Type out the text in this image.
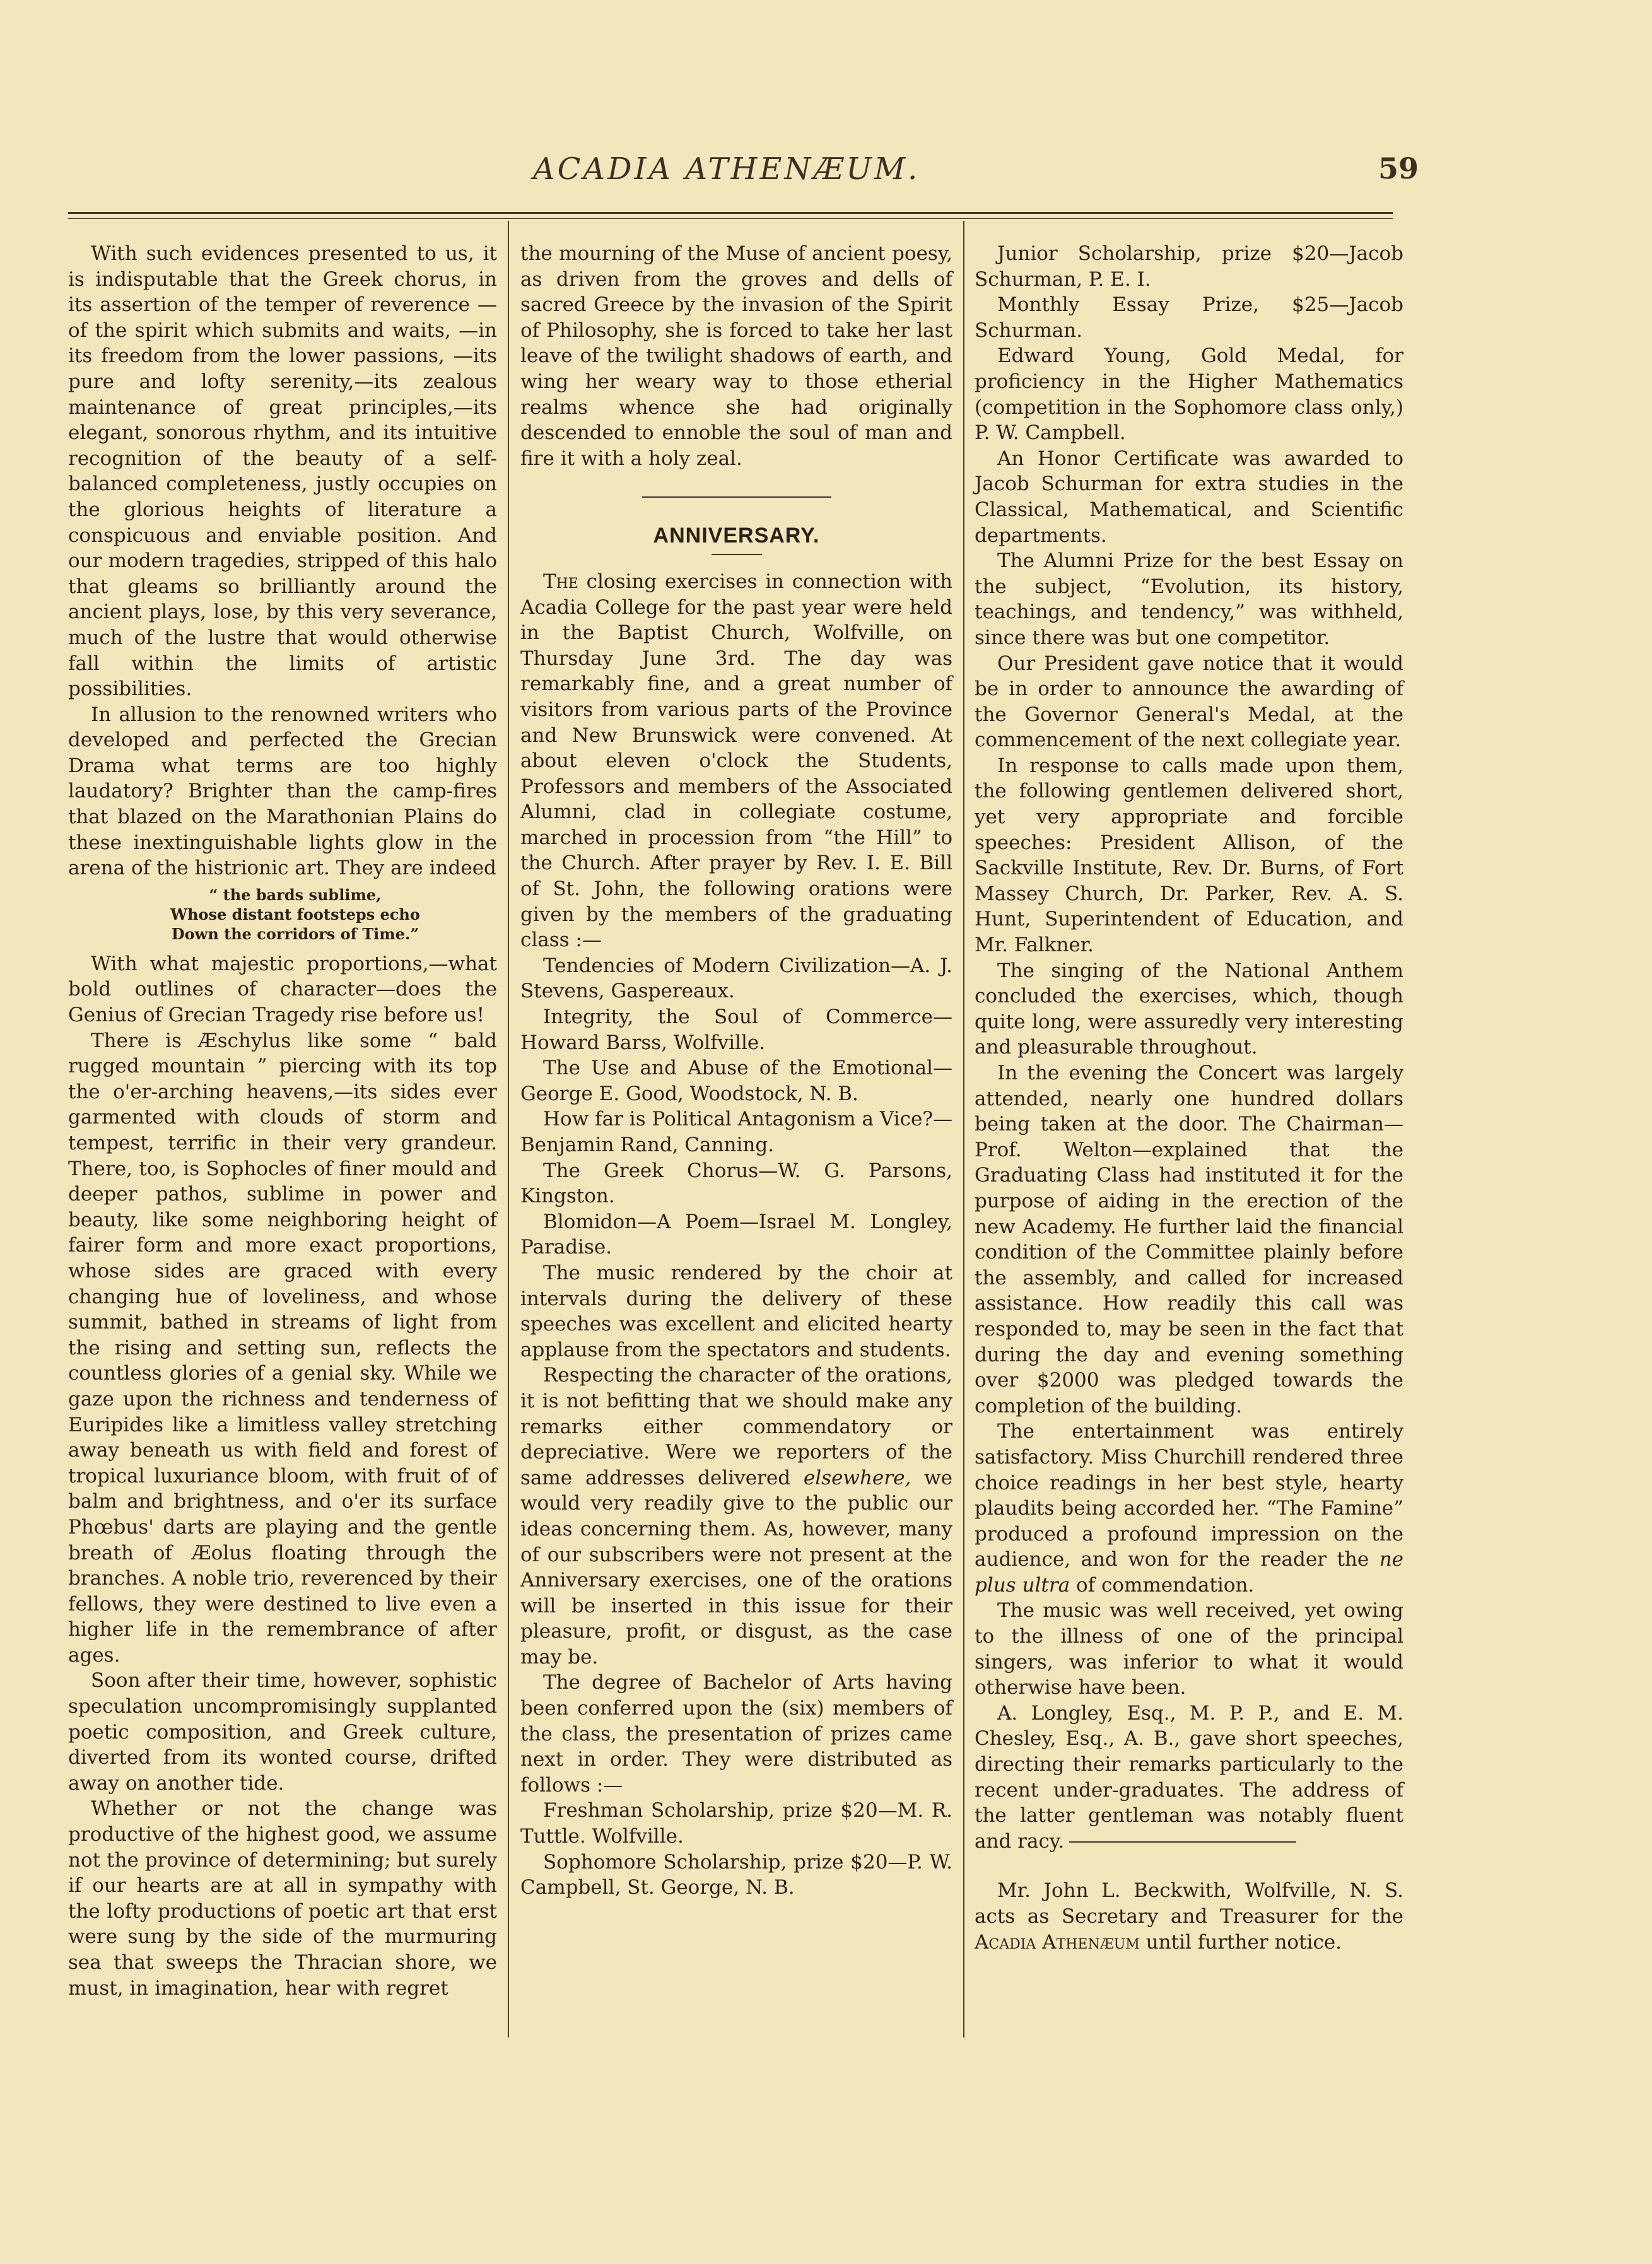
ACADIA ATHENÆUM.	59

With such evidences presented to us, it is indisputable that the Greek chorus, in its assertion of the temper of reverence —of the spirit which submits and waits, —in its freedom from the lower passions, —its pure and lofty serenity,—its zealous maintenance of great principles,—its elegant, sonorous rhythm, and its intuitive recognition of the beauty of a self-balanced completeness, justly occupies on the glorious heights of literature a conspicuous and enviable position. And our modern tragedies, stripped of this halo that gleams so brilliantly around the ancient plays, lose, by this very severance, much of the lustre that would otherwise fall within the limits of artistic possibilities.

In allusion to the renowned writers who developed and perfected the Grecian Drama what terms are too highly laudatory? Brighter than the camp-fires that blazed on the Marathonian Plains do these inextinguishable lights glow in the arena of the histrionic art. They are indeed

“ the bards sublime,
Whose distant footsteps echo
Down the corridors of Time.”

With what majestic proportions,—what bold outlines of character—does the Genius of Grecian Tragedy rise before us!

There is Æschylus like some “ bald rugged mountain ” piercing with its top the o'er-arching heavens,—its sides ever garmented with clouds of storm and tempest, terrific in their very grandeur. There, too, is Sophocles of finer mould and deeper pathos, sublime in power and beauty, like some neighboring height of fairer form and more exact proportions, whose sides are graced with every changing hue of loveliness, and whose summit, bathed in streams of light from the rising and setting sun, reflects the countless glories of a genial sky. While we gaze upon the richness and tenderness of Euripides like a limitless valley stretching away beneath us with field and forest of tropical luxuriance bloom, with fruit of of balm and brightness, and o'er its surface Phœbus' darts are playing and the gentle breath of Æolus floating through the branches. A noble trio, reverenced by their fellows, they were destined to live even a higher life in the remembrance of after ages.

Soon after their time, however, sophistic speculation uncompromisingly supplanted poetic composition, and Greek culture, diverted from its wonted course, drifted away on another tide.

Whether or not the change was productive of the highest good, we assume not the province of determining; but surely if our hearts are at all in sympathy with the lofty productions of poetic art that erst were sung by the side of the murmuring sea that sweeps the Thracian shore, we must, in imagination, hear with regret

the mourning of the Muse of ancient poesy, as driven from the groves and dells of sacred Greece by the invasion of the Spirit of Philosophy, she is forced to take her last leave of the twilight shadows of earth, and wing her weary way to those etherial realms whence she had originally descended to ennoble the soul of man and fire it with a holy zeal.

ANNIVERSARY.

The closing exercises in connection with Acadia College for the past year were held in the Baptist Church, Wolfville, on Thursday June 3rd. The day was remarkably fine, and a great number of visitors from various parts of the Province and New Brunswick were convened. At about eleven o'clock the Students, Professors and members of the Associated Alumni, clad in collegiate costume, marched in procession from “the Hill” to the Church. After prayer by Rev. I. E. Bill of St. John, the following orations were given by the members of the graduating class :—

Tendencies of Modern Civilization—A. J. Stevens, Gaspereaux.

Integrity, the Soul of Commerce—Howard Barss, Wolfville.

The Use and Abuse of the Emotional—George E. Good, Woodstock, N. B.

How far is Political Antagonism a Vice?—Benjamin Rand, Canning.

The Greek Chorus—W. G. Parsons, Kingston.

Blomidon—A Poem—Israel M. Longley, Paradise.

The music rendered by the choir at intervals during the delivery of these speeches was excellent and elicited hearty applause from the spectators and students.

Respecting the character of the orations, it is not befitting that we should make any remarks either commendatory or depreciative. Were we reporters of the same addresses delivered elsewhere, we would very readily give to the public our ideas concerning them. As, however, many of our subscribers were not present at the Anniversary exercises, one of the orations will be inserted in this issue for their pleasure, profit, or disgust, as the case may be.

The degree of Bachelor of Arts having been conferred upon the (six) members of the class, the presentation of prizes came next in order. They were distributed as follows :—

Freshman Scholarship, prize $20—M. R. Tuttle. Wolfville.

Sophomore Scholarship, prize $20—P. W. Campbell, St. George, N. B.

Junior Scholarship, prize $20—Jacob Schurman, P. E. I.

Monthly Essay Prize, $25—Jacob Schurman.

Edward Young, Gold Medal, for proficiency in the Higher Mathematics (competition in the Sophomore class only,) P. W. Campbell.

An Honor Certificate was awarded to Jacob Schurman for extra studies in the Classical, Mathematical, and Scientific departments.

The Alumni Prize for the best Essay on the subject, “Evolution, its history, teachings, and tendency,” was withheld, since there was but one competitor.

Our President gave notice that it would be in order to announce the awarding of the Governor General's Medal, at the commencement of the next collegiate year.

In response to calls made upon them, the following gentlemen delivered short, yet very appropriate and forcible speeches: President Allison, of the Sackville Institute, Rev. Dr. Burns, of Fort Massey Church, Dr. Parker, Rev. A. S. Hunt, Superintendent of Education, and Mr. Falkner.

The singing of the National Anthem concluded the exercises, which, though quite long, were assuredly very interesting and pleasurable throughout.

In the evening the Concert was largely attended, nearly one hundred dollars being taken at the door. The Chairman—Prof. Welton—explained that the Graduating Class had instituted it for the purpose of aiding in the erection of the new Academy. He further laid the financial condition of the Committee plainly before the assembly, and called for increased assistance. How readily this call was responded to, may be seen in the fact that during the day and evening something over $2000 was pledged towards the completion of the building.

The entertainment was entirely satisfactory. Miss Churchill rendered three choice readings in her best style, hearty plaudits being accorded her. “The Famine” produced a profound impression on the audience, and won for the reader the ne plus ultra of commendation.

The music was well received, yet owing to the illness of one of the principal singers, was inferior to what it would otherwise have been.

A. Longley, Esq., M. P. P., and E. M. Chesley, Esq., A. B., gave short speeches, directing their remarks particularly to the recent under-graduates. The address of the latter gentleman was notably fluent and racy.

Mr. John L. Beckwith, Wolfville, N. S. acts as Secretary and Treasurer for the Acadia Athenæum until further notice.
